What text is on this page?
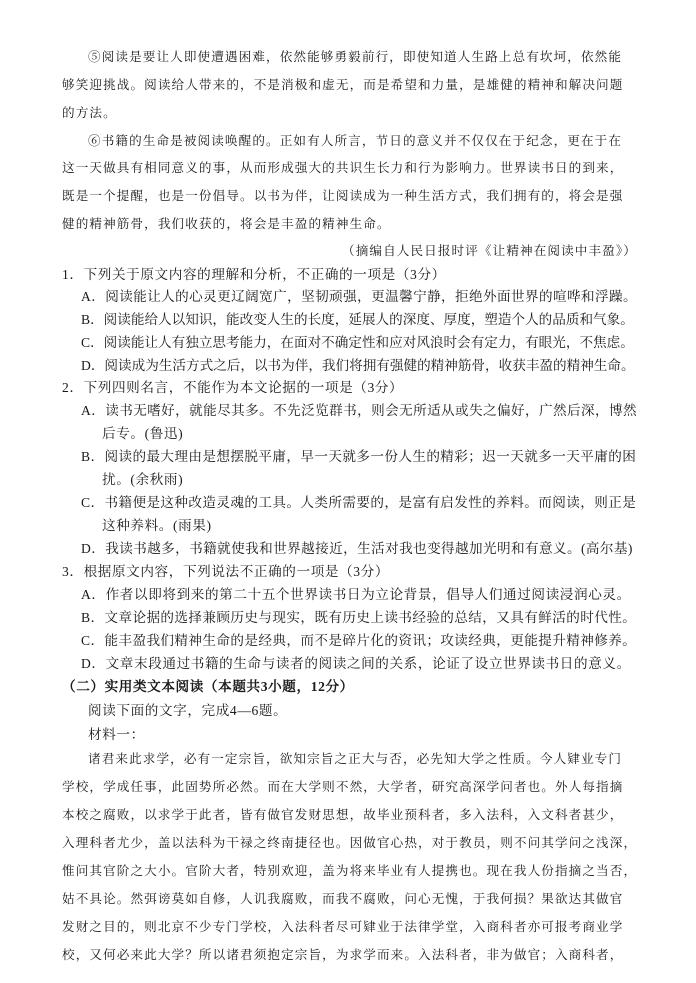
⑤阅读是要让人即使遭遇困难，依然能够勇毅前行，即使知道人生路上总有坎坷，依然能
够笑迎挑战。阅读给人带来的，不是消极和虚无，而是希望和力量，是雄健的精神和解决问题
的方法。
⑥书籍的生命是被阅读唤醒的。正如有人所言，节日的意义并不仅仅在于纪念，更在于在
这一天做具有相同意义的事，从而形成强大的共识生长力和行为影响力。世界读书日的到来，
既是一个提醒，也是一份倡导。以书为伴，让阅读成为一种生活方式，我们拥有的，将会是强
健的精神筋骨，我们收获的，将会是丰盈的精神生命。
（摘编自人民日报时评《让精神在阅读中丰盈》）
1．下列关于原文内容的理解和分析，不正确的一项是（3分）
A．阅读能让人的心灵更辽阔宽广，坚韧顽强，更温馨宁静，拒绝外面世界的喧哗和浮躁。
B．阅读能给人以知识，能改变人生的长度，延展人的深度、厚度，塑造个人的品质和气象。
C．阅读能让人有独立思考能力，在面对不确定性和应对风浪时会有定力，有眼光，不焦虑。
D．阅读成为生活方式之后，以书为伴，我们将拥有强健的精神筋骨，收获丰盈的精神生命。
2．下列四则名言，不能作为本文论据的一项是（3分）
A．读书无嗜好，就能尽其多。不先泛览群书，则会无所适从或失之偏好，广然后深，博然
后专。(鲁迅)
B．阅读的最大理由是想摆脱平庸，早一天就多一份人生的精彩；迟一天就多一天平庸的困
扰。(余秋雨)
C．书籍便是这种改造灵魂的工具。人类所需要的，是富有启发性的养料。而阅读，则正是
这种养料。(雨果)
D．我读书越多，书籍就使我和世界越接近，生活对我也变得越加光明和有意义。(高尔基)
3．根据原文内容，下列说法不正确的一项是（3分）
A．作者以即将到来的第二十五个世界读书日为立论背景，倡导人们通过阅读浸润心灵。
B．文章论据的选择兼顾历史与现实，既有历史上读书经验的总结，又具有鲜活的时代性。
C．能丰盈我们精神生命的是经典，而不是碎片化的资讯；攻读经典，更能提升精神修养。
D．文章末段通过书籍的生命与读者的阅读之间的关系，论证了设立世界读书日的意义。
（二）实用类文本阅读（本题共3小题，12分）
阅读下面的文字，完成4—6题。
材料一：
诸君来此求学，必有一定宗旨，欲知宗旨之正大与否，必先知大学之性质。今人肄业专门
学校，学成任事，此固势所必然。而在大学则不然，大学者，研究高深学问者也。外人每指摘
本校之腐败，以求学于此者，皆有做官发财思想，故毕业预科者，多入法科，入文科者甚少，
入理科者尤少，盖以法科为干禄之终南捷径也。因做官心热，对于教员，则不问其学问之浅深，
惟问其官阶之大小。官阶大者，特别欢迎，盖为将来毕业有人提携也。现在我人份指摘之当否，
姑不具论。然弭谤莫如自修，人讥我腐败，而我不腐败，问心无愧，于我何损？果欲达其做官
发财之目的，则北京不少专门学校，入法科者尽可肄业于法律学堂，入商科者亦可报考商业学
校，又何必来此大学？所以诸君须抱定宗旨，为求学而来。入法科者，非为做官；入商科者，
